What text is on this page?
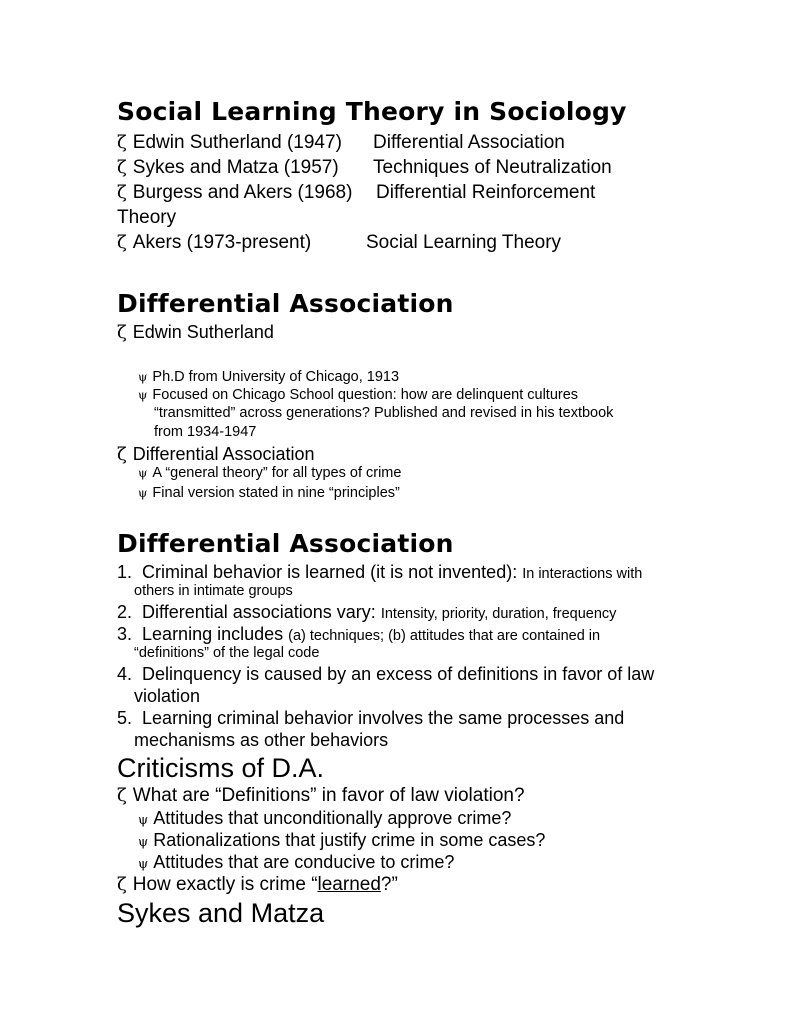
Social Learning Theory in Sociology
ζ Edwin Sutherland (1947) Differential Association
ζ Sykes and Matza (1957) Techniques of Neutralization
ζ Burgess and Akers (1968) Differential Reinforcement
Theory
ζ Akers (1973-present)	Social Learning Theory
Differential Association
ζ Edwin Sutherland
ψ Ph.D from University of Chicago, 1913
ψ Focused on Chicago School question: how are delinquent cultures
“transmitted” across generations? Published and revised in his textbook
from 1934-1947
ζ Differential Association
ψ A “general theory” for all types of crime
ψ Final version stated in nine “principles”
Differential Association
1. Criminal behavior is learned (it is not invented): In interactions with
others in intimate groups
2. Differential associations vary: Intensity, priority, duration, frequency
3. Learning includes (a) techniques; (b) attitudes that are contained in
“definitions” of the legal code
4. Delinquency is caused by an excess of definitions in favor of law
violation
5. Learning criminal behavior involves the same processes and
mechanisms as other behaviors
Criticisms of D.A.
ζ What are “Definitions” in favor of law violation?
ψ Attitudes that unconditionally approve crime?
ψ Rationalizations that justify crime in some cases?
ψ Attitudes that are conducive to crime?
ζ How exactly is crime “learned?”
Sykes and Matza
